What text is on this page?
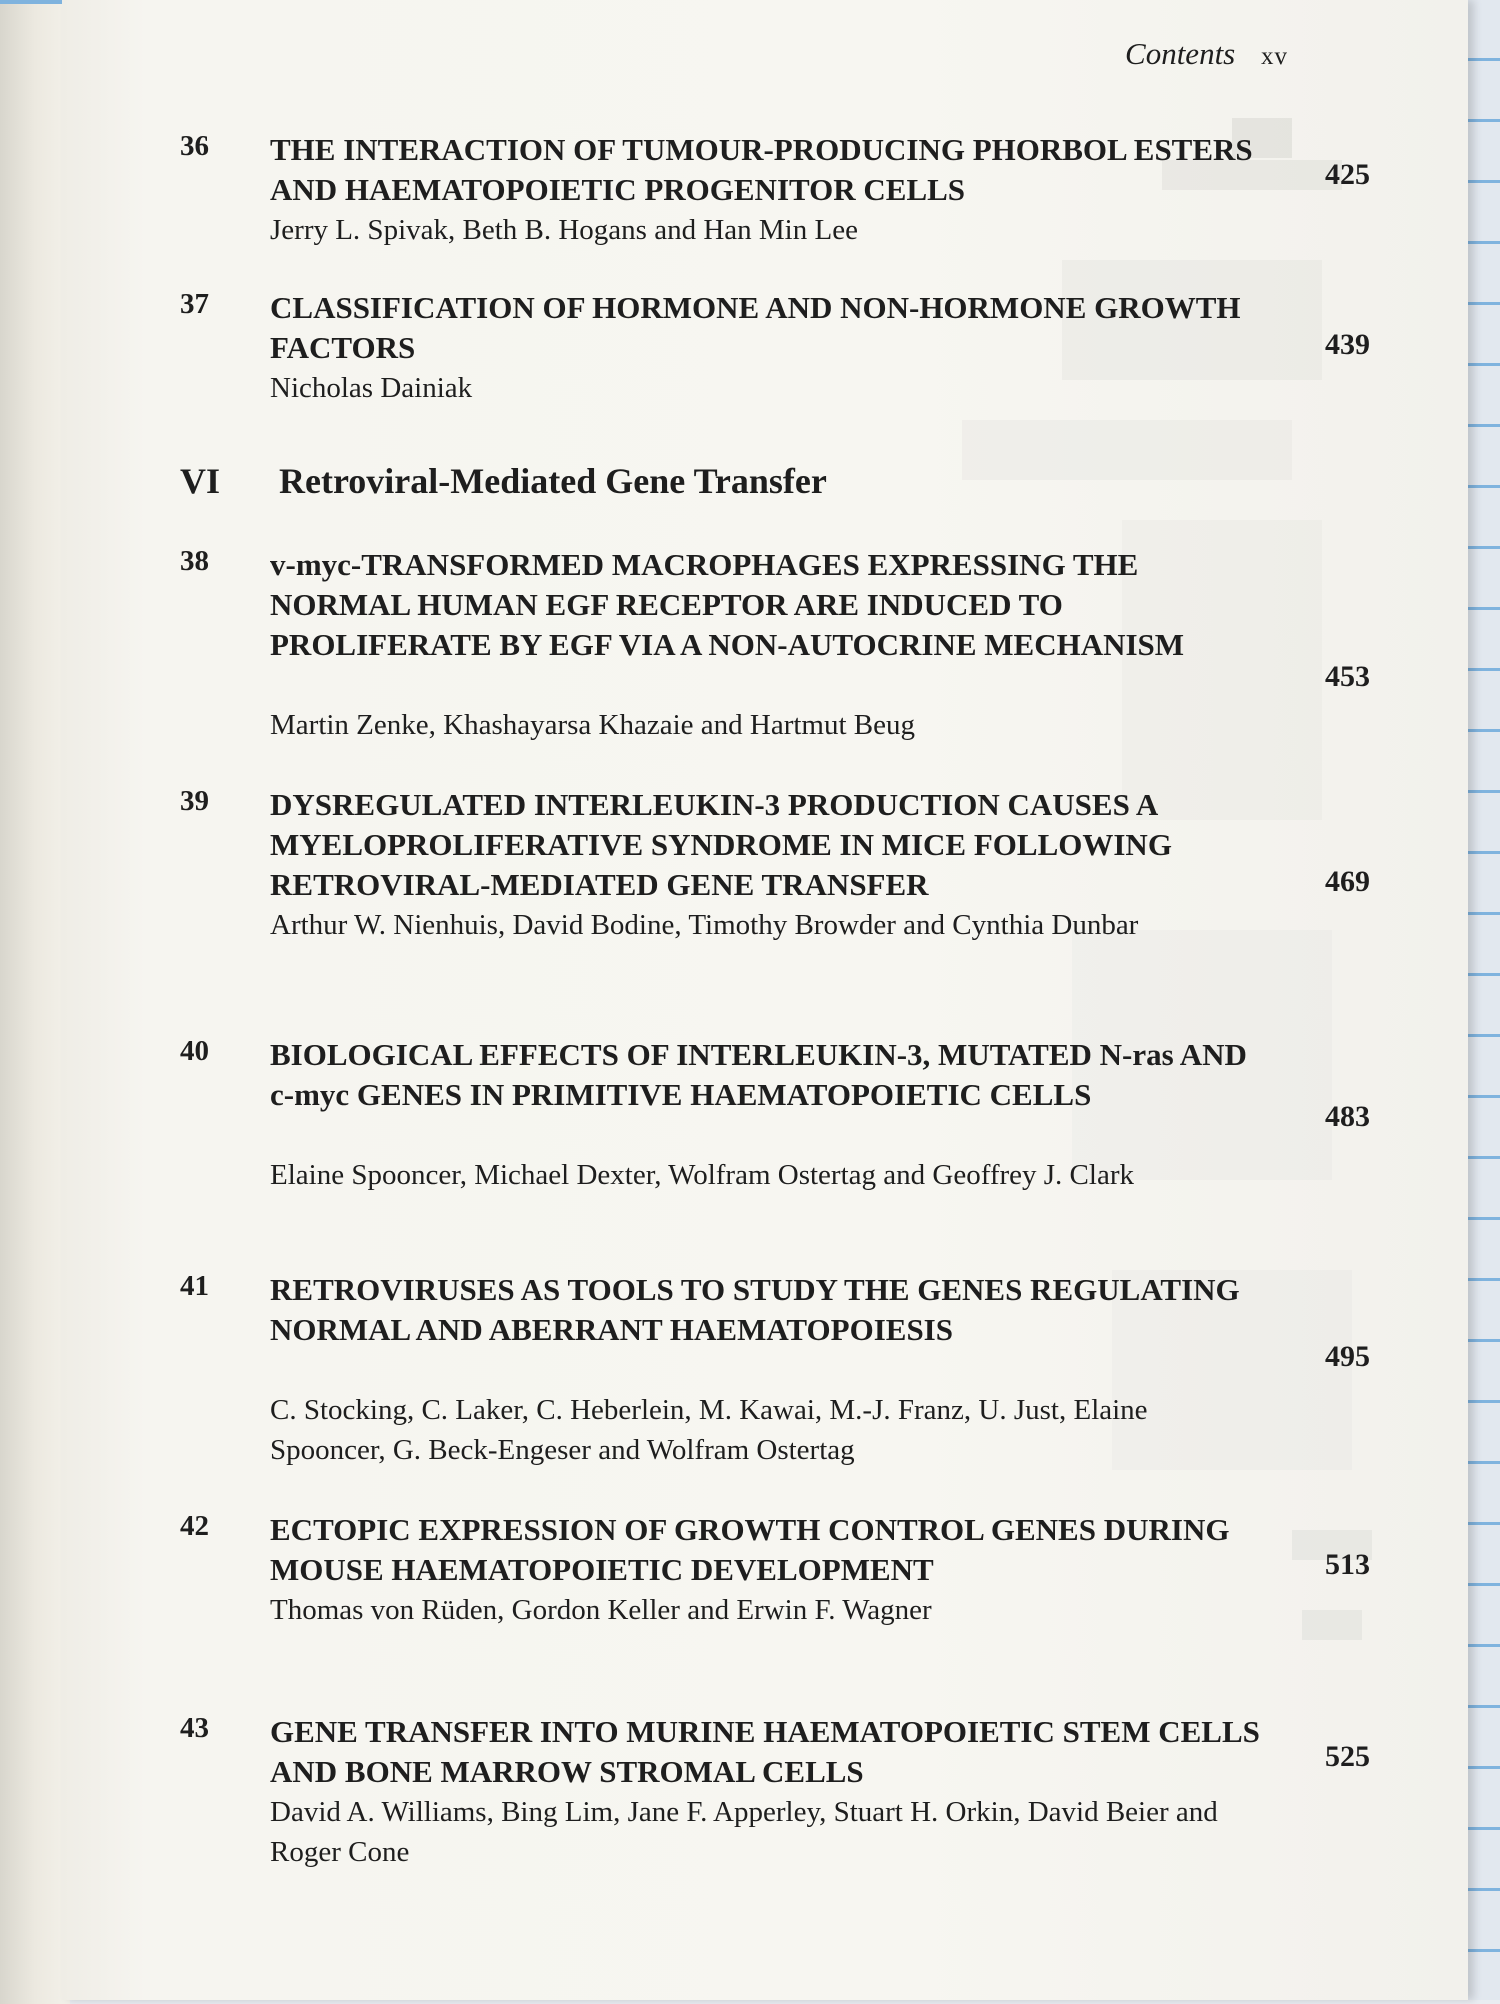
Contents xv
36 THE INTERACTION OF TUMOUR-PRODUCING PHORBOL ESTERS AND HAEMATOPOIETIC PROGENITOR CELLS
Jerry L. Spivak, Beth B. Hogans and Han Min Lee
425
37 CLASSIFICATION OF HORMONE AND NON-HORMONE GROWTH FACTORS
Nicholas Dainiak
439
VI Retroviral-Mediated Gene Transfer
38 v-myc-TRANSFORMED MACROPHAGES EXPRESSING THE NORMAL HUMAN EGF RECEPTOR ARE INDUCED TO PROLIFERATE BY EGF VIA A NON-AUTOCRINE MECHANISM
Martin Zenke, Khashayarsa Khazaie and Hartmut Beug
453
39 DYSREGULATED INTERLEUKIN-3 PRODUCTION CAUSES A MYELOPROLIFERATIVE SYNDROME IN MICE FOLLOWING RETROVIRAL-MEDIATED GENE TRANSFER
Arthur W. Nienhuis, David Bodine, Timothy Browder and Cynthia Dunbar
469
40 BIOLOGICAL EFFECTS OF INTERLEUKIN-3, MUTATED N-ras AND c-myc GENES IN PRIMITIVE HAEMATOPOIETIC CELLS
Elaine Spooncer, Michael Dexter, Wolfram Ostertag and Geoffrey J. Clark
483
41 RETROVIRUSES AS TOOLS TO STUDY THE GENES REGULATING NORMAL AND ABERRANT HAEMATOPOIESIS
C. Stocking, C. Laker, C. Heberlein, M. Kawai, M.-J. Franz, U. Just, Elaine Spooncer, G. Beck-Engeser and Wolfram Ostertag
495
42 ECTOPIC EXPRESSION OF GROWTH CONTROL GENES DURING MOUSE HAEMATOPOIETIC DEVELOPMENT
Thomas von Rüden, Gordon Keller and Erwin F. Wagner
513
43 GENE TRANSFER INTO MURINE HAEMATOPOIETIC STEM CELLS AND BONE MARROW STROMAL CELLS
David A. Williams, Bing Lim, Jane F. Apperley, Stuart H. Orkin, David Beier and Roger Cone
525
